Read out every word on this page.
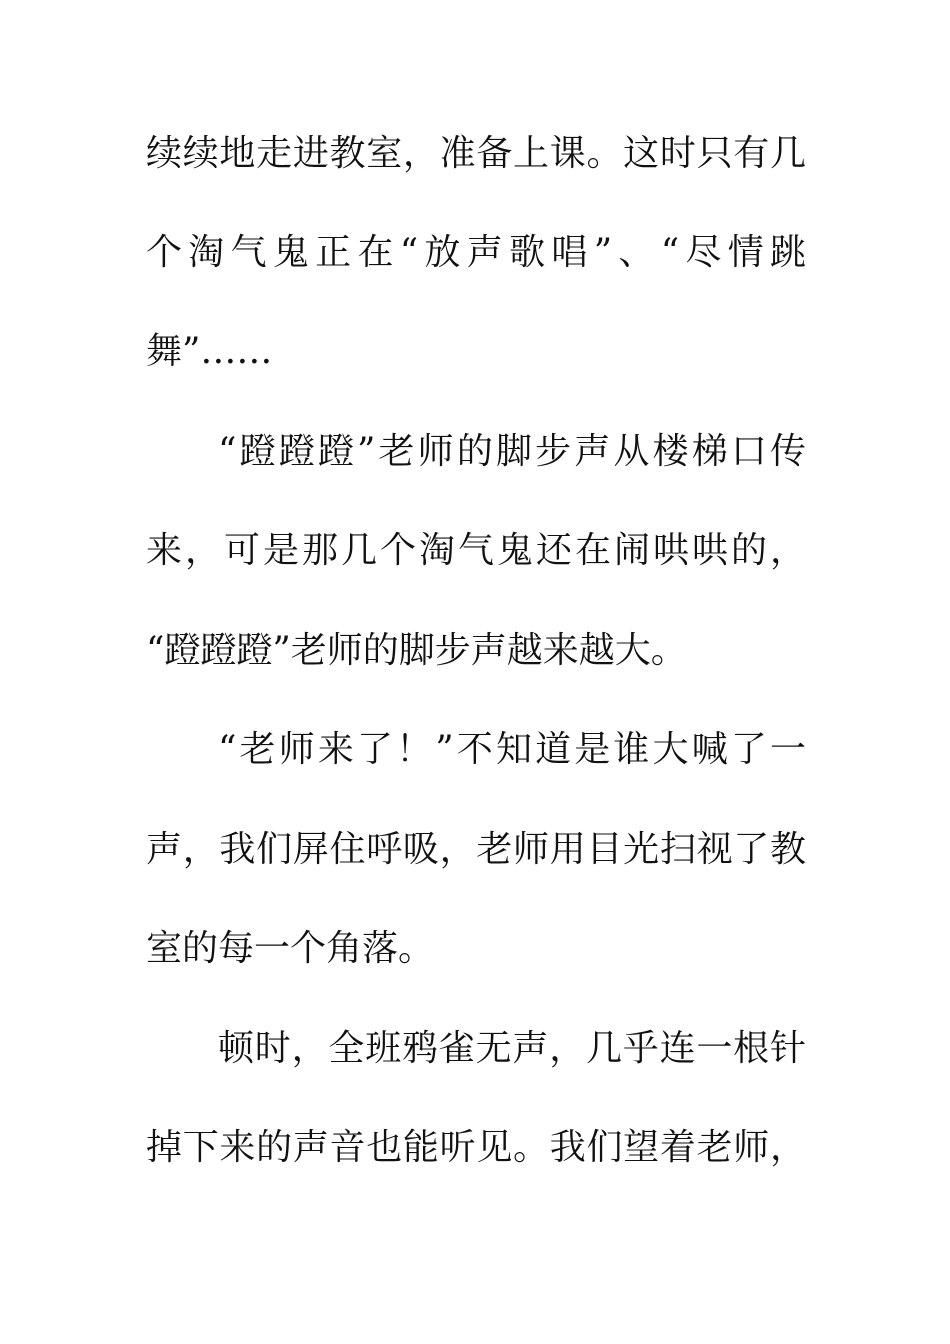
续续地走进教室，准备上课。这时只有几
个淘气鬼正在“放声歌唱”、“尽情跳
舞”……
“蹬蹬蹬”老师的脚步声从楼梯口传
来，可是那几个淘气鬼还在闹哄哄的，
“蹬蹬蹬”老师的脚步声越来越大。
“老师来了！”不知道是谁大喊了一
声，我们屏住呼吸，老师用目光扫视了教
室的每一个角落。
顿时，全班鸦雀无声，几乎连一根针
掉下来的声音也能听见。我们望着老师，
